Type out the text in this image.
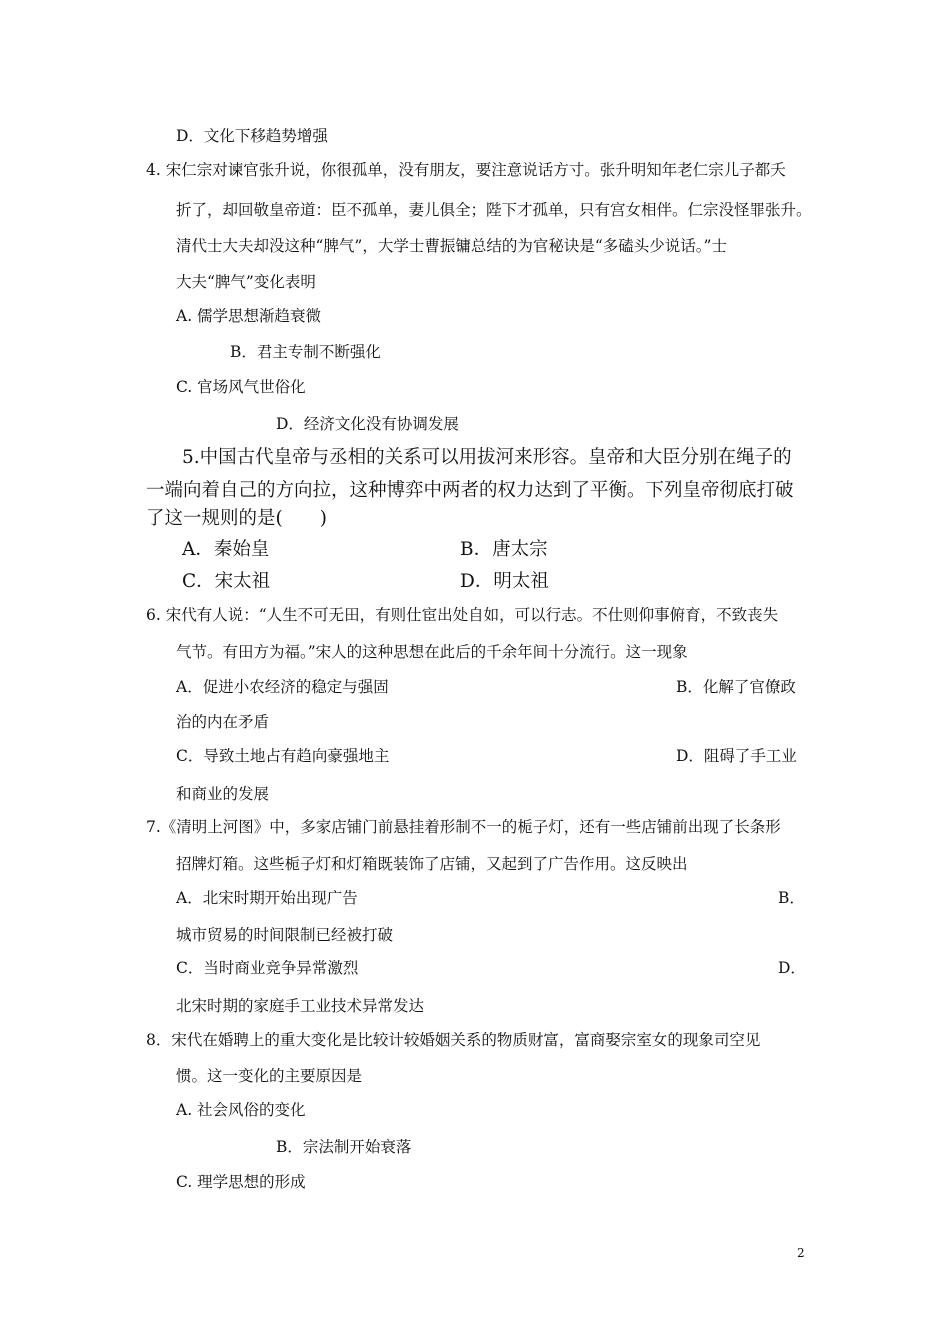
D．文化下移趋势增强
4. 宋仁宗对谏官张升说，你很孤单，没有朋友，要注意说话方寸。张升明知年老仁宗儿子都夭
折了，却回敬皇帝道：臣不孤单，妻儿俱全；陛下才孤单，只有宫女相伴。仁宗没怪罪张升。
清代士大夫却没这种“脾气”，大学士曹振镛总结的为官秘诀是“多磕头少说话。”士
大夫“脾气”变化表明
A. 儒学思想渐趋衰微
B．君主专制不断强化
C. 官场风气世俗化
D．经济文化没有协调发展
5.中国古代皇帝与丞相的关系可以用拔河来形容。皇帝和大臣分别在绳子的
一端向着自己的方向拉，这种博弈中两者的权力达到了平衡。下列皇帝彻底打破
了这一规则的是(　　)
A．秦始皇	B．唐太宗
C．宋太祖	D．明太祖
6. 宋代有人说：“人生不可无田，有则仕宦出处自如，可以行志。不仕则仰事俯育，不致丧失
气节。有田方为福。”宋人的这种思想在此后的千余年间十分流行。这一现象
A．促进小农经济的稳定与强固	B．化解了官僚政
治的内在矛盾
C．导致土地占有趋向豪强地主	D．阻碍了手工业
和商业的发展
7.《清明上河图》中，多家店铺门前悬挂着形制不一的栀子灯，还有一些店铺前出现了长条形
招牌灯箱。这些栀子灯和灯箱既装饰了店铺，又起到了广告作用。这反映出
A．北宋时期开始出现广告	B．
城市贸易的时间限制已经被打破
C．当时商业竞争异常激烈	D．
北宋时期的家庭手工业技术异常发达
8．宋代在婚聘上的重大变化是比较计较婚姻关系的物质财富，富商娶宗室女的现象司空见
惯。这一变化的主要原因是
A. 社会风俗的变化
B．宗法制开始衰落
C. 理学思想的形成
2
